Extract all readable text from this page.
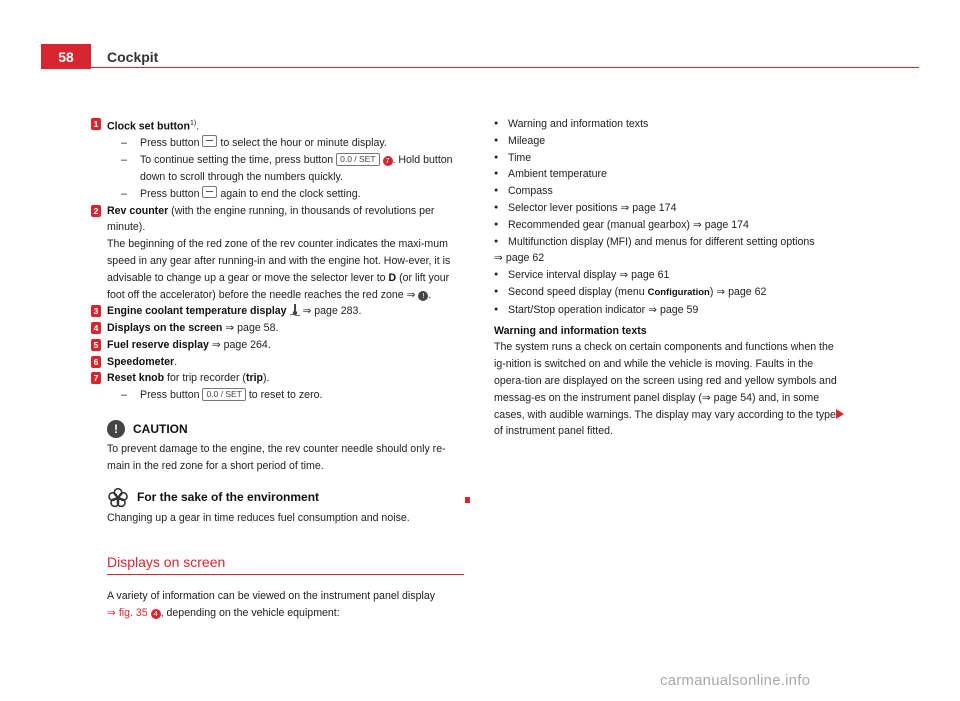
58	Cockpit
1 Clock set button$^{1)}$.
– Press button to select the hour or minute display.
– To continue setting the time, press button 0.0 / SET 7 . Hold button down to scroll through the numbers quickly.
– Press button again to end the clock setting.
2 Rev counter (with the engine running, in thousands of revolutions per minute).
The beginning of the red zone of the rev counter indicates the maxi-mum speed in any gear after running-in and with the engine hot. How-ever, it is advisable to change up a gear or move the selector lever to D (or lift your foot off the accelerator) before the needle reaches the red zone ⇒ ! .
3 Engine coolant temperature display  ⇒ page 283.
4 Displays on the screen ⇒ page 58.
5 Fuel reserve display ⇒ page 264.
6 Speedometer.
7 Reset knob for trip recorder (trip).
– Press button 0.0 / SET to reset to zero.
!	CAUTION
To prevent damage to the engine, the rev counter needle should only re-main in the red zone for a short period of time.
For the sake of the environment
Changing up a gear in time reduces fuel consumption and noise.
Displays on screen
A variety of information can be viewed on the instrument panel display
⇒ fig. 35 4 , depending on the vehicle equipment:
● Warning and information texts
● Mileage
● Time
● Ambient temperature
● Compass
● Selector lever positions ⇒ page 174
● Recommended gear (manual gearbox) ⇒ page 174
● Multifunction display (MFI) and menus for different setting options
⇒ page 62
● Service interval display ⇒ page 61
● Second speed display (menu Configuration) ⇒ page 62
● Start/Stop operation indicator ⇒ page 59
Warning and information texts
The system runs a check on certain components and functions when the ig-nition is switched on and while the vehicle is moving. Faults in the opera-tion are displayed on the screen using red and yellow symbols and messag-es on the instrument panel display (⇒ page 54) and, in some cases, with audible warnings. The display may vary according to the type of instrument panel fitted.
carmanualsonline.info
